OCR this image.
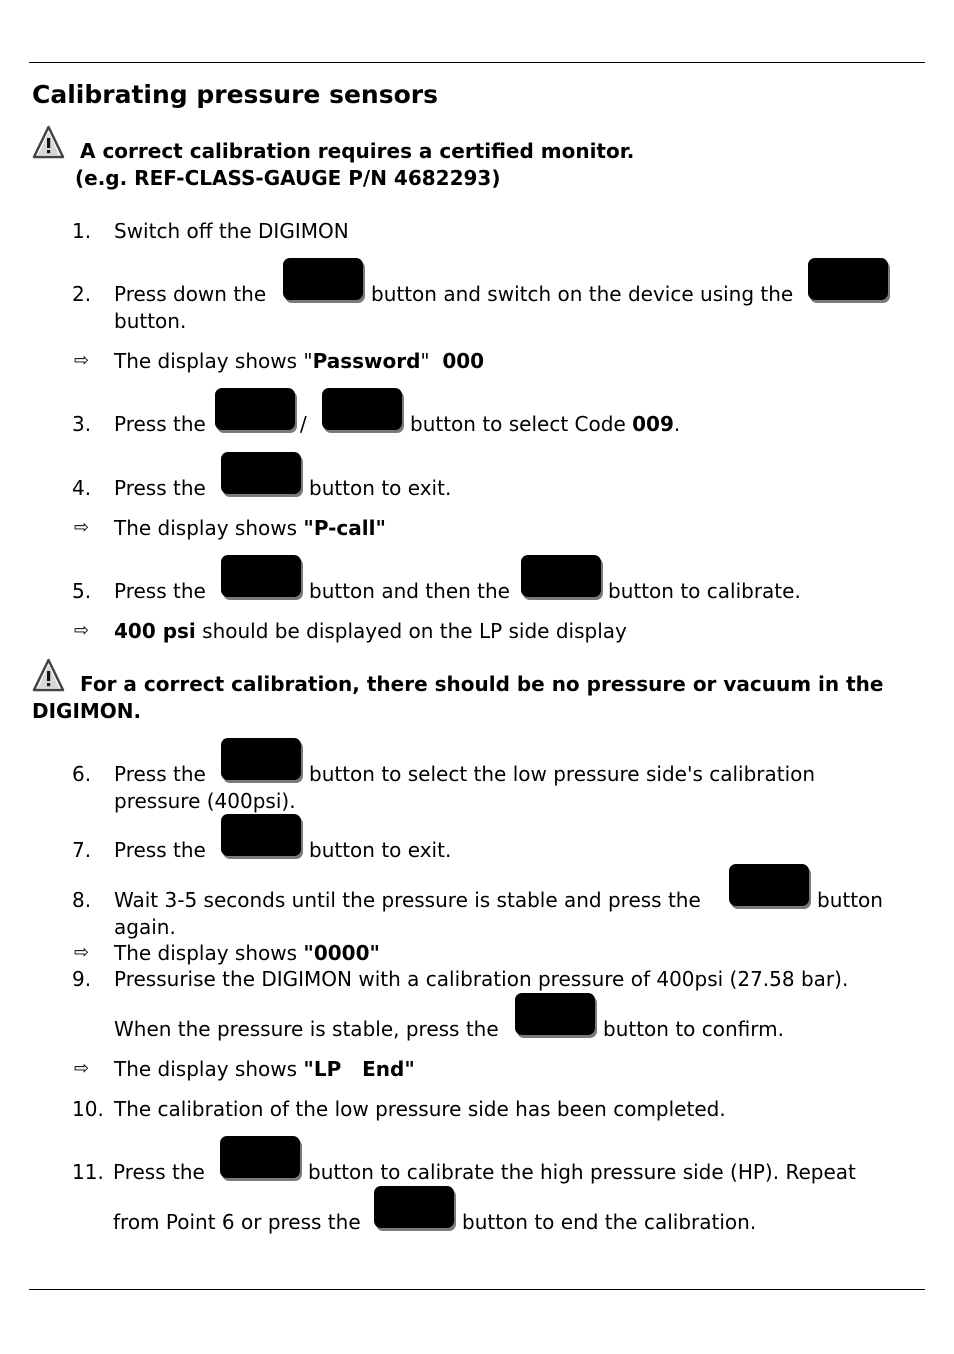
Calibrating pressure sensors
A correct calibration requires a certified monitor.
(e.g. REF-CLASS-GAUGE P/N 4682293)
1. Switch off the DIGIMON
2. Press down the	button and switch on the device using the
button.
⇨ The display shows "Password"  000
3. Press the	/	button to select Code 009.
4. Press the	button to exit.
⇨ The display shows "P-call"
5. Press the	button and then the	button to calibrate.
⇨ 400 psi should be displayed on the LP side display
For a correct calibration, there should be no pressure or vacuum in the
DIGIMON.
6. Press the	button to select the low pressure side's calibration
pressure (400psi).
7. Press the	button to exit.
8. Wait 3-5 seconds until the pressure is stable and press the	button
again.
⇨ The display shows "0000"
9. Pressurise the DIGIMON with a calibration pressure of 400psi (27.58 bar).
When the pressure is stable, press the	button to confirm.
⇨ The display shows "LP   End"
10. The calibration of the low pressure side has been completed.
11. Press the	button to calibrate the high pressure side (HP). Repeat
from Point 6 or press the	button to end the calibration.
